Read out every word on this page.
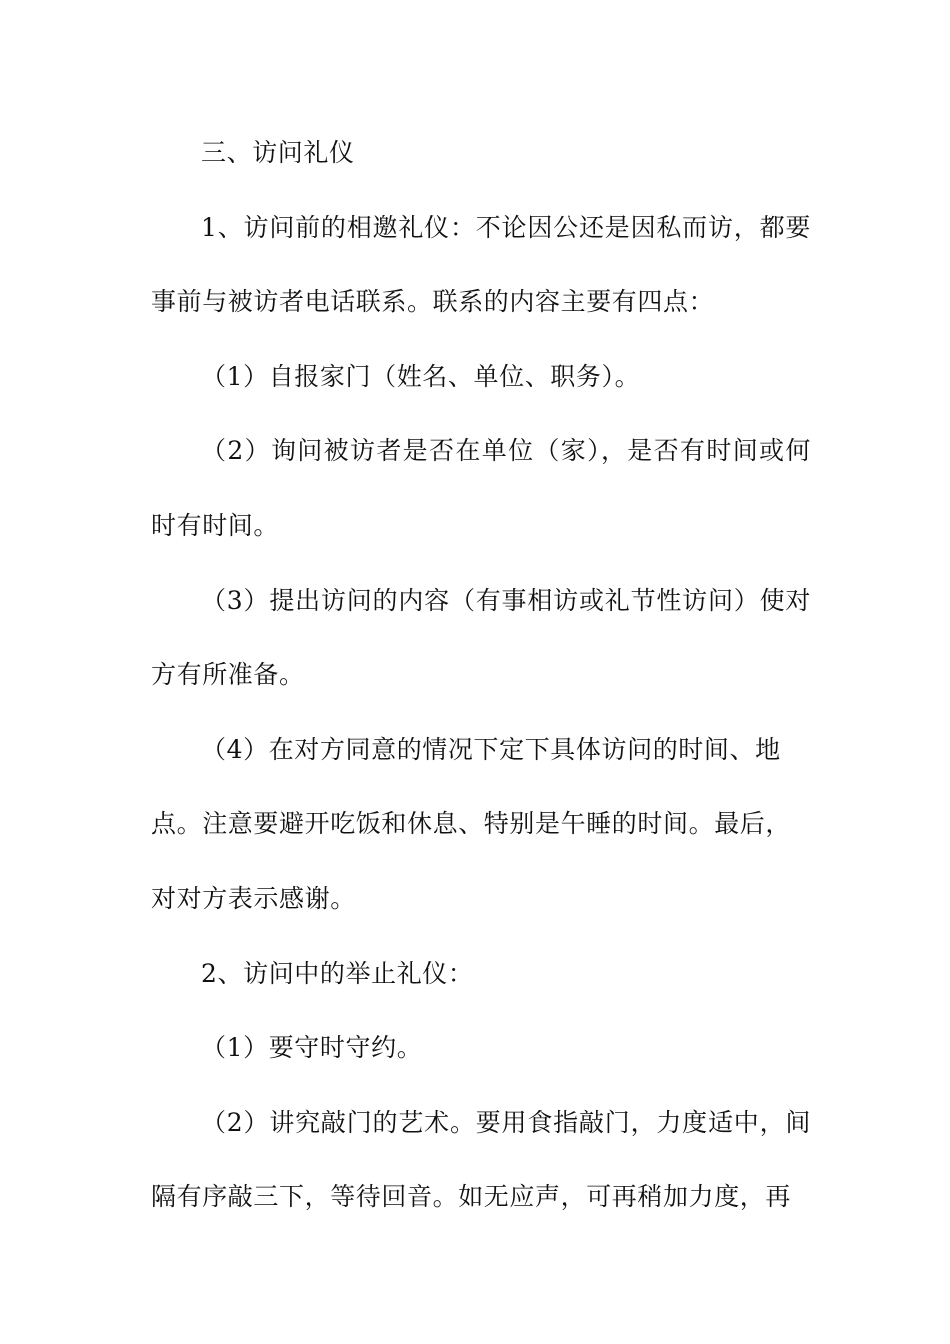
三、访问礼仪
1、访问前的相邀礼仪：不论因公还是因私而访，都要
事前与被访者电话联系。联系的内容主要有四点：
（1）自报家门（姓名、单位、职务）。
（2）询问被访者是否在单位（家），是否有时间或何
时有时间。
（3）提出访问的内容（有事相访或礼节性访问）使对
方有所准备。
（4）在对方同意的情况下定下具体访问的时间、地
点。注意要避开吃饭和休息、特别是午睡的时间。最后，
对对方表示感谢。
2、访问中的举止礼仪：
（1）要守时守约。
（2）讲究敲门的艺术。要用食指敲门，力度适中，间
隔有序敲三下，等待回音。如无应声，可再稍加力度，再
